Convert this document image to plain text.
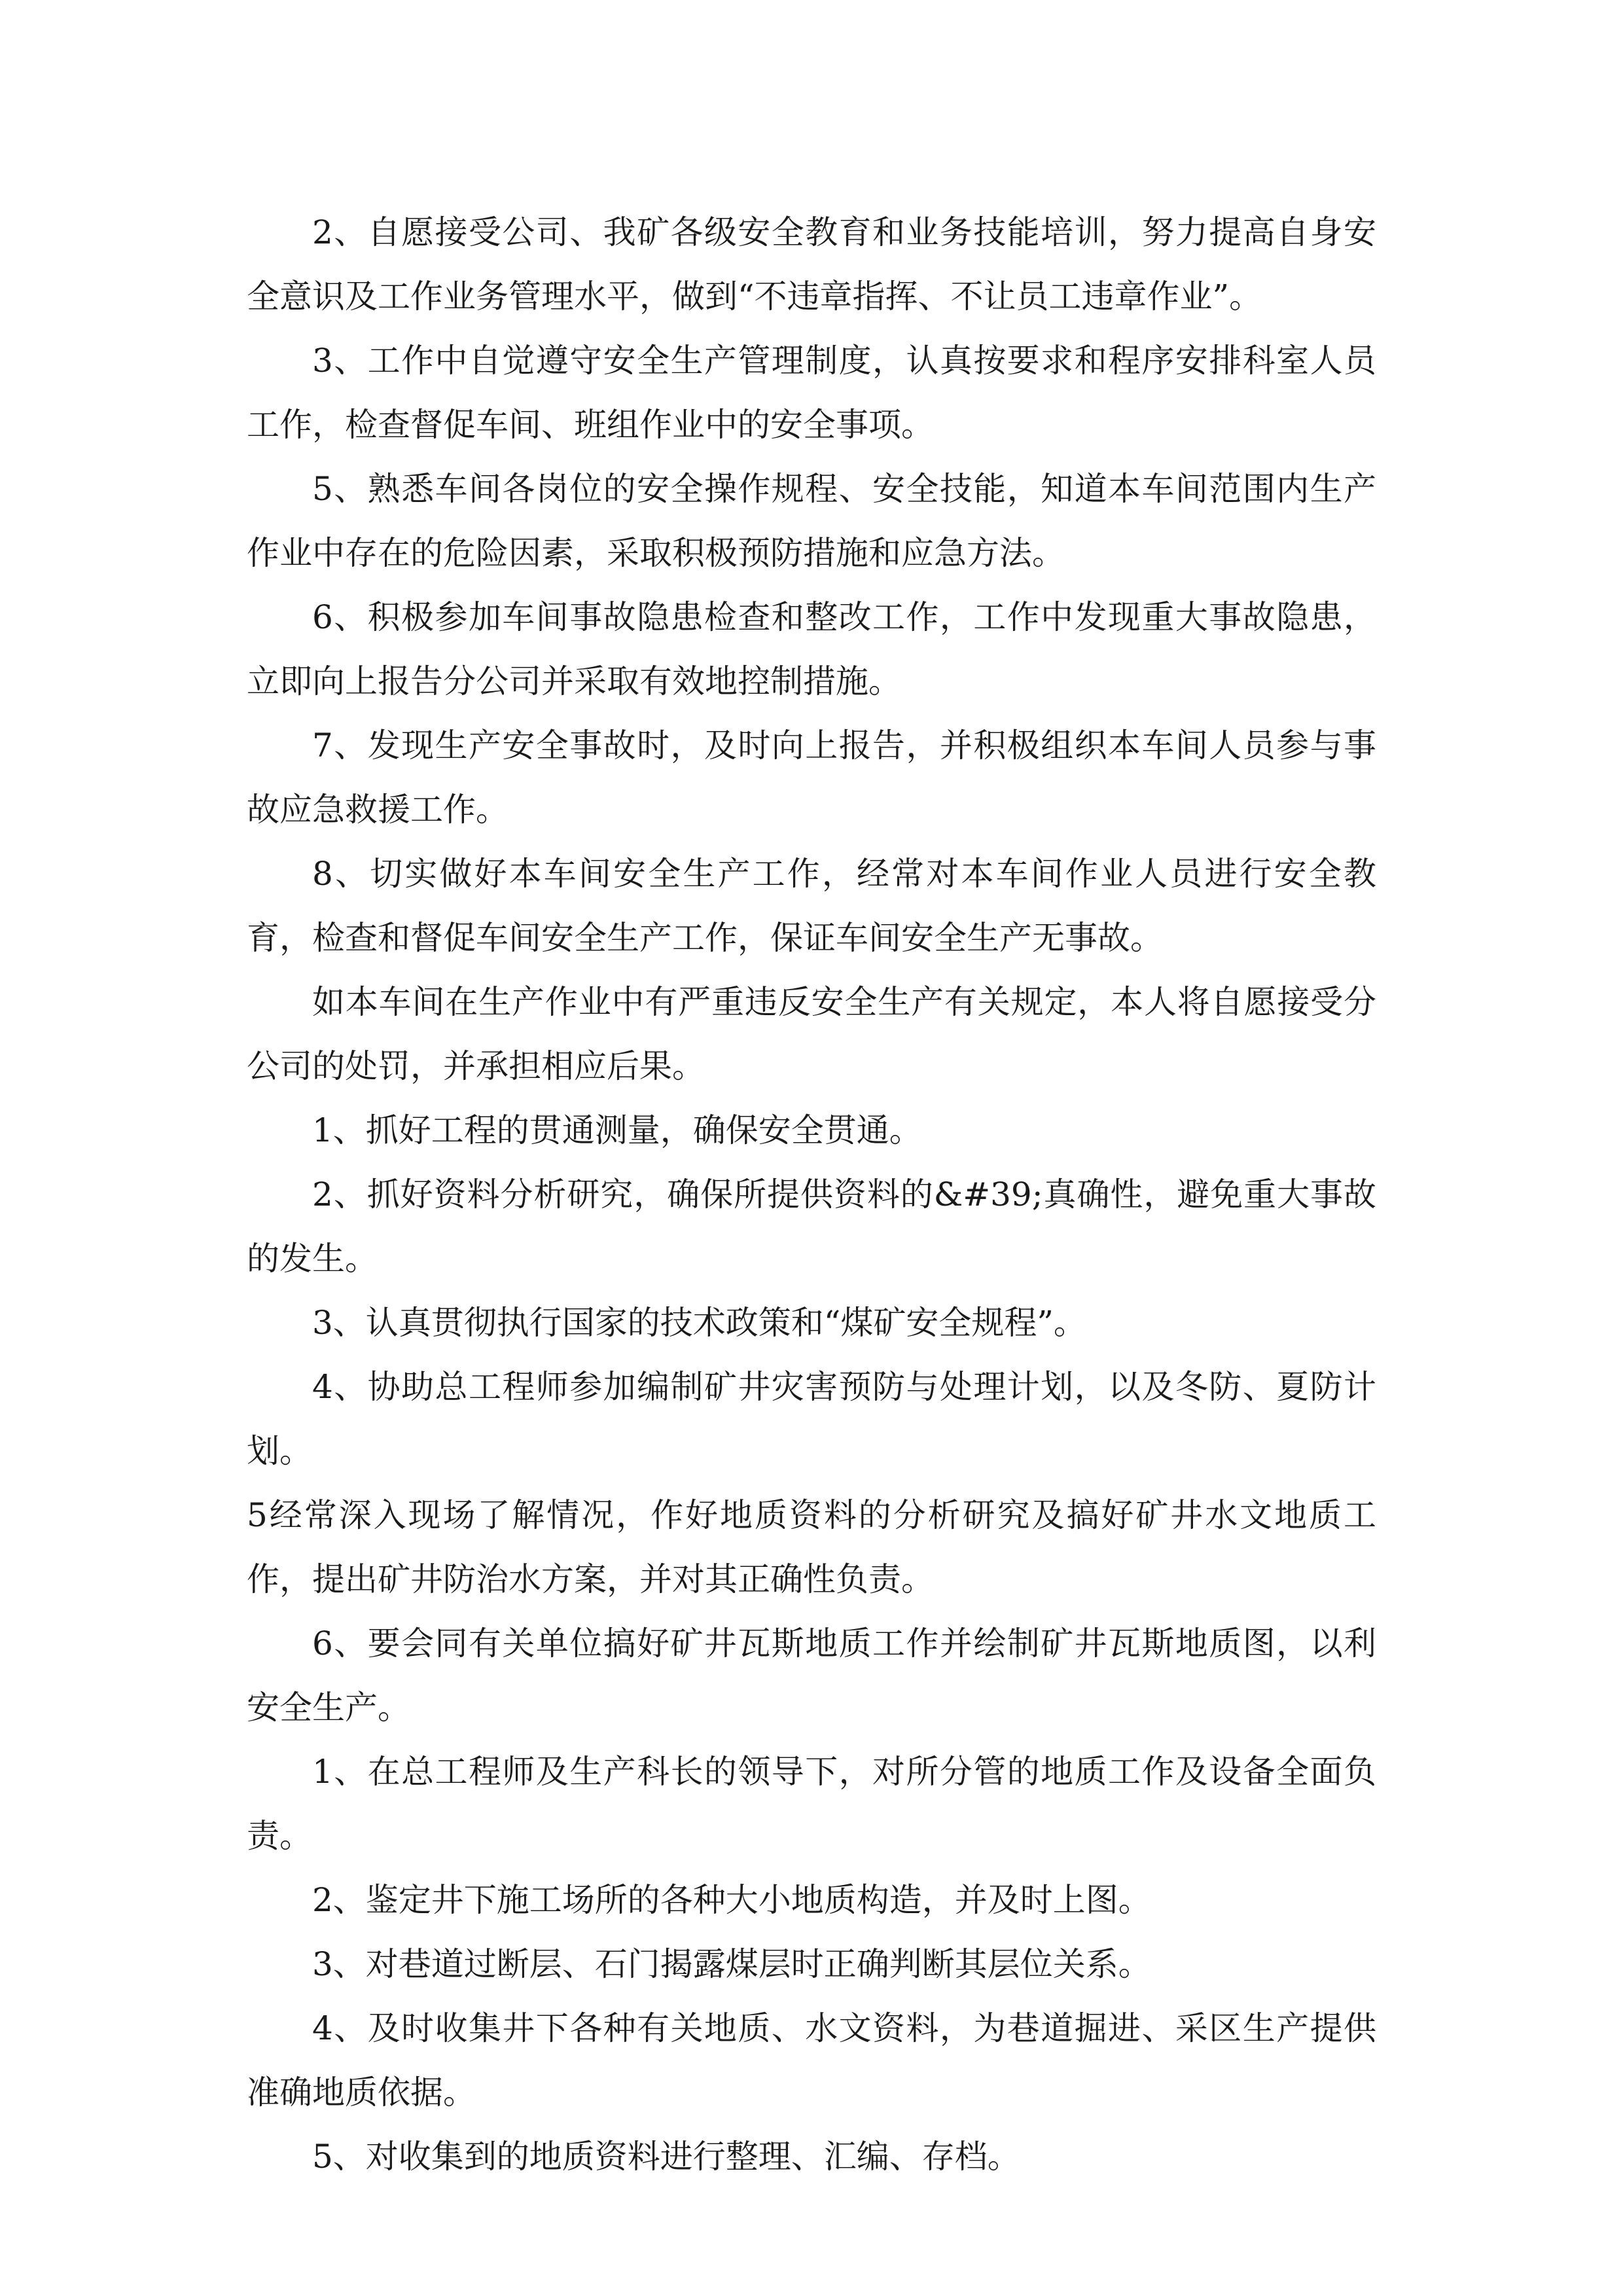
2、自愿接受公司、我矿各级安全教育和业务技能培训，努力提高自身安全意识及工作业务管理水平，做到“不违章指挥、不让员工违章作业”。

3、工作中自觉遵守安全生产管理制度，认真按要求和程序安排科室人员工作，检查督促车间、班组作业中的安全事项。

5、熟悉车间各岗位的安全操作规程、安全技能，知道本车间范围内生产作业中存在的危险因素，采取积极预防措施和应急方法。

6、积极参加车间事故隐患检查和整改工作，工作中发现重大事故隐患，立即向上报告分公司并采取有效地控制措施。

7、发现生产安全事故时，及时向上报告，并积极组织本车间人员参与事故应急救援工作。

8、切实做好本车间安全生产工作，经常对本车间作业人员进行安全教育，检查和督促车间安全生产工作，保证车间安全生产无事故。

如本车间在生产作业中有严重违反安全生产有关规定，本人将自愿接受分公司的处罚，并承担相应后果。

1、抓好工程的贯通测量，确保安全贯通。

2、抓好资料分析研究，确保所提供资料的&#39;真确性，避免重大事故的发生。

3、认真贯彻执行国家的技术政策和“煤矿安全规程”。

4、协助总工程师参加编制矿井灾害预防与处理计划，以及冬防、夏防计划。

5经常深入现场了解情况，作好地质资料的分析研究及搞好矿井水文地质工作，提出矿井防治水方案，并对其正确性负责。

6、要会同有关单位搞好矿井瓦斯地质工作并绘制矿井瓦斯地质图，以利安全生产。

1、在总工程师及生产科长的领导下，对所分管的地质工作及设备全面负责。

2、鉴定井下施工场所的各种大小地质构造，并及时上图。

3、对巷道过断层、石门揭露煤层时正确判断其层位关系。

4、及时收集井下各种有关地质、水文资料，为巷道掘进、采区生产提供准确地质依据。

5、对收集到的地质资料进行整理、汇编、存档。
